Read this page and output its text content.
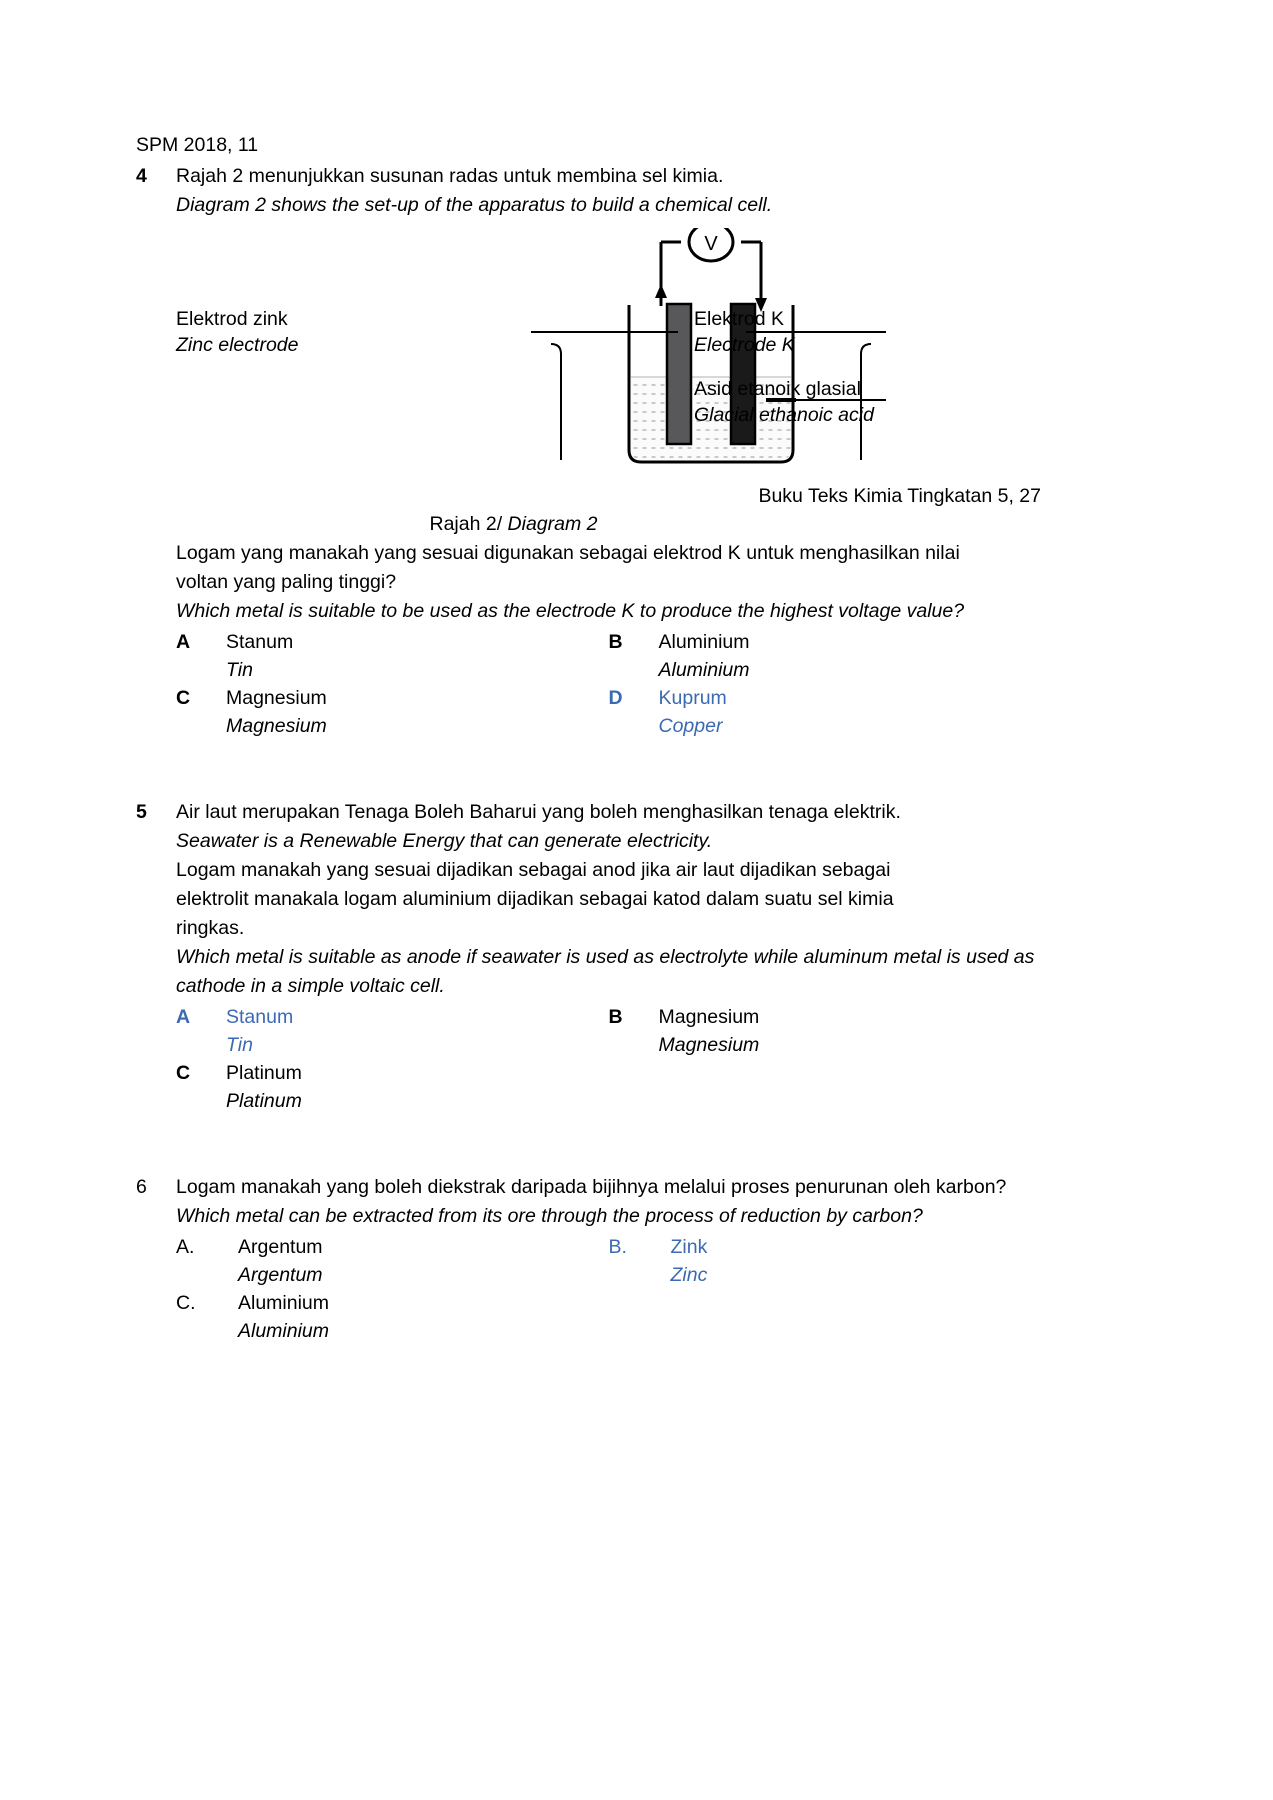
SPM 2018, 11
4	Rajah 2 menunjukkan susunan radas untuk membina sel kimia.
Diagram 2 shows the set-up of the apparatus to build a chemical cell.
V
Elektrod zink
Zinc electrode
Elektrod K
Electrode K
Asid etanoik glasial
Glacial ethanoic acid
Buku Teks Kimia Tingkatan 5, 27
Rajah 2/ Diagram 2
Logam yang manakah yang sesuai digunakan sebagai elektrod K untuk menghasilkan nilai
voltan yang paling tinggi?
Which metal is suitable to be used as the electrode K to produce the highest voltage value?
A	Stanum
Tin
B	Aluminium
Aluminium
C	Magnesium
Magnesium
D	Kuprum
Copper
5	Air laut merupakan Tenaga Boleh Baharui yang boleh menghasilkan tenaga elektrik.
Seawater is a Renewable Energy that can generate electricity.
Logam manakah yang sesuai dijadikan sebagai anod jika air laut dijadikan sebagai
elektrolit manakala logam aluminium dijadikan sebagai katod dalam suatu sel kimia
ringkas.
Which metal is suitable as anode if seawater is used as electrolyte while aluminum metal is used as cathode in a simple voltaic cell.
A	Stanum
Tin
B	Magnesium
Magnesium
C	Platinum
Platinum
6	Logam manakah yang boleh diekstrak daripada bijihnya melalui proses penurunan oleh karbon?
Which metal can be extracted from its ore through the process of reduction by carbon?
A.	Argentum
Argentum
B.	Zink
Zinc
C.	Aluminium
Aluminium
